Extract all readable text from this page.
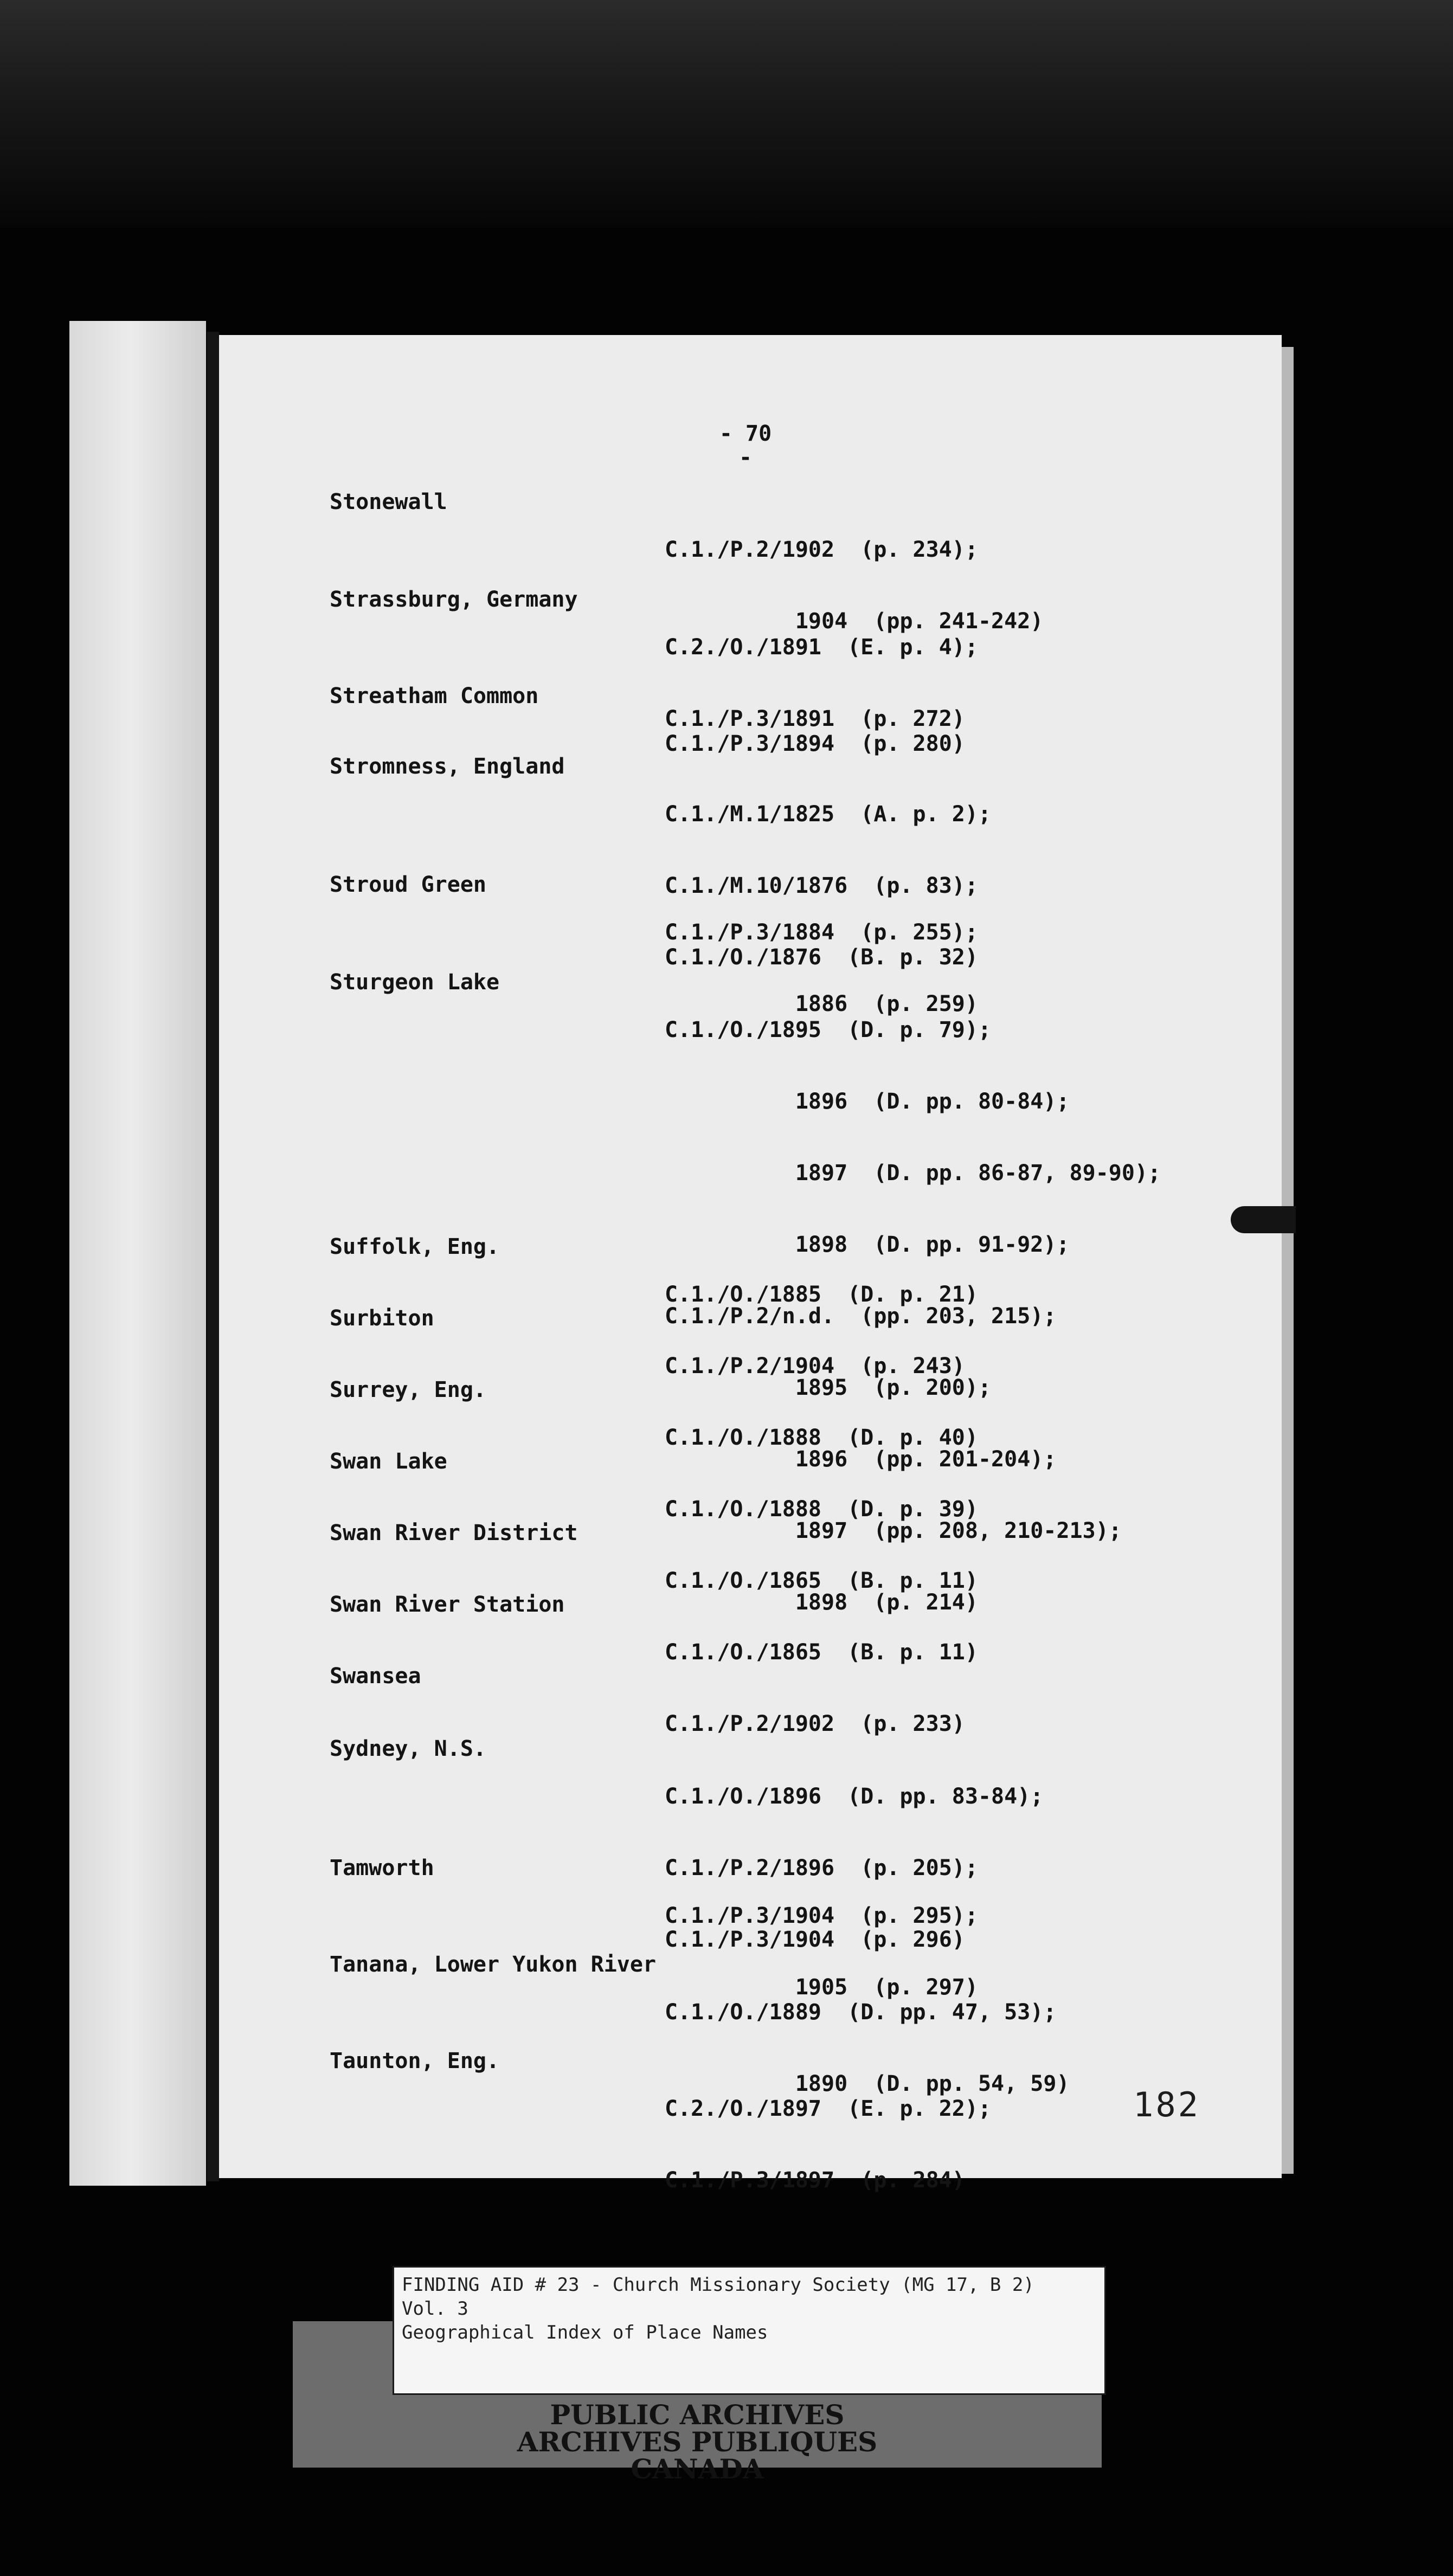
- 70 -
Stonewall

C.1./P.2/1902  (p. 234);

1904  (pp. 241-242)

Strassburg, Germany

C.2./O./1891  (E. p. 4);

C.1./P.3/1891  (p. 272)

Streatham Common

C.1./P.3/1894  (p. 280)

Stromness, England

C.1./M.1/1825  (A. p. 2);

C.1./M.10/1876  (p. 83);

C.1./O./1876  (B. p. 32)

Stroud Green

C.1./P.3/1884  (p. 255);

1886  (p. 259)

Sturgeon Lake

C.1./O./1895  (D. p. 79);

1896  (D. pp. 80-84);

1897  (D. pp. 86-87, 89-90);

1898  (D. pp. 91-92);

C.1./P.2/n.d.  (pp. 203, 215);

1895  (p. 200);

1896  (pp. 201-204);

1897  (pp. 208, 210-213);

1898  (p. 214)

Suffolk, Eng.

C.1./O./1885  (D. p. 21)

Surbiton

C.1./P.2/1904  (p. 243)

Surrey, Eng.

C.1./O./1888  (D. p. 40)

Swan Lake

C.1./O./1888  (D. p. 39)

Swan River District

C.1./O./1865  (B. p. 11)

Swan River Station

C.1./O./1865  (B. p. 11)

Swansea

C.1./P.2/1902  (p. 233)

Sydney, N.S.

C.1./O./1896  (D. pp. 83-84);

C.1./P.2/1896  (p. 205);

C.1./P.3/1904  (p. 296)

Tamworth

C.1./P.3/1904  (p. 295);

1905  (p. 297)

Tanana, Lower Yukon River

C.1./O./1889  (D. pp. 47, 53);

1890  (D. pp. 54, 59)

Taunton, Eng.

C.2./O./1897  (E. p. 22);

C.1./P.3/1897  (p. 284)

182
FINDING AID # 23 - Church Missionary Society (MG 17, B 2)
Vol. 3
Geographical Index of Place Names
PUBLIC ARCHIVES
ARCHIVES PUBLIQUES
CANADA
